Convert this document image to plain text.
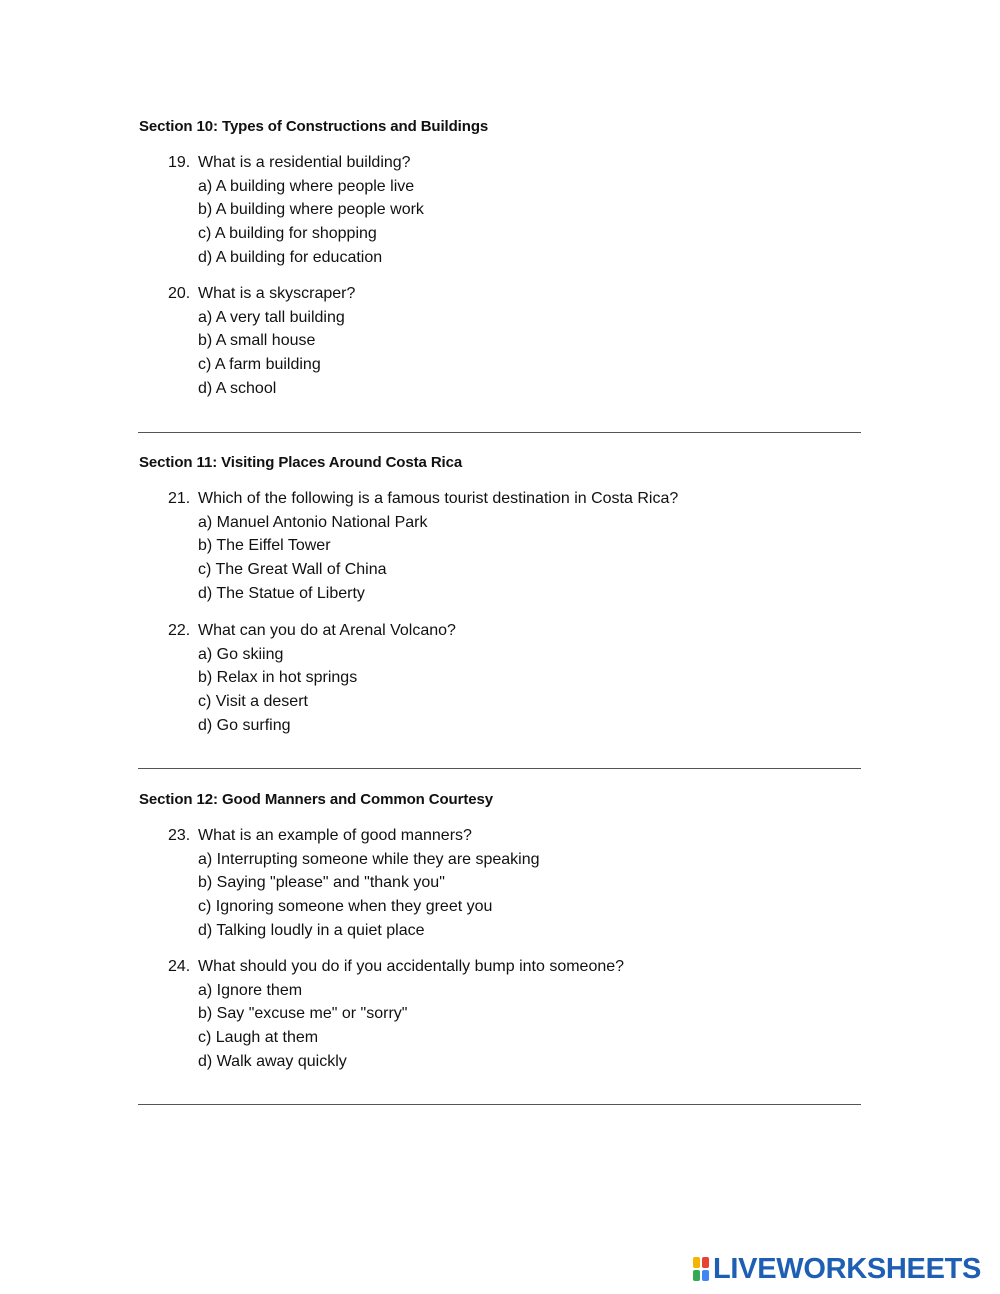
Section 10: Types of Constructions and Buildings
19. What is a residential building?
a) A building where people live
b) A building where people work
c) A building for shopping
d) A building for education
20. What is a skyscraper?
a) A very tall building
b) A small house
c) A farm building
d) A school
Section 11: Visiting Places Around Costa Rica
21. Which of the following is a famous tourist destination in Costa Rica?
a) Manuel Antonio National Park
b) The Eiffel Tower
c) The Great Wall of China
d) The Statue of Liberty
22. What can you do at Arenal Volcano?
a) Go skiing
b) Relax in hot springs
c) Visit a desert
d) Go surfing
Section 12: Good Manners and Common Courtesy
23. What is an example of good manners?
a) Interrupting someone while they are speaking
b) Saying "please" and "thank you"
c) Ignoring someone when they greet you
d) Talking loudly in a quiet place
24. What should you do if you accidentally bump into someone?
a) Ignore them
b) Say "excuse me" or "sorry"
c) Laugh at them
d) Walk away quickly
LIVEWORKSHEETS
